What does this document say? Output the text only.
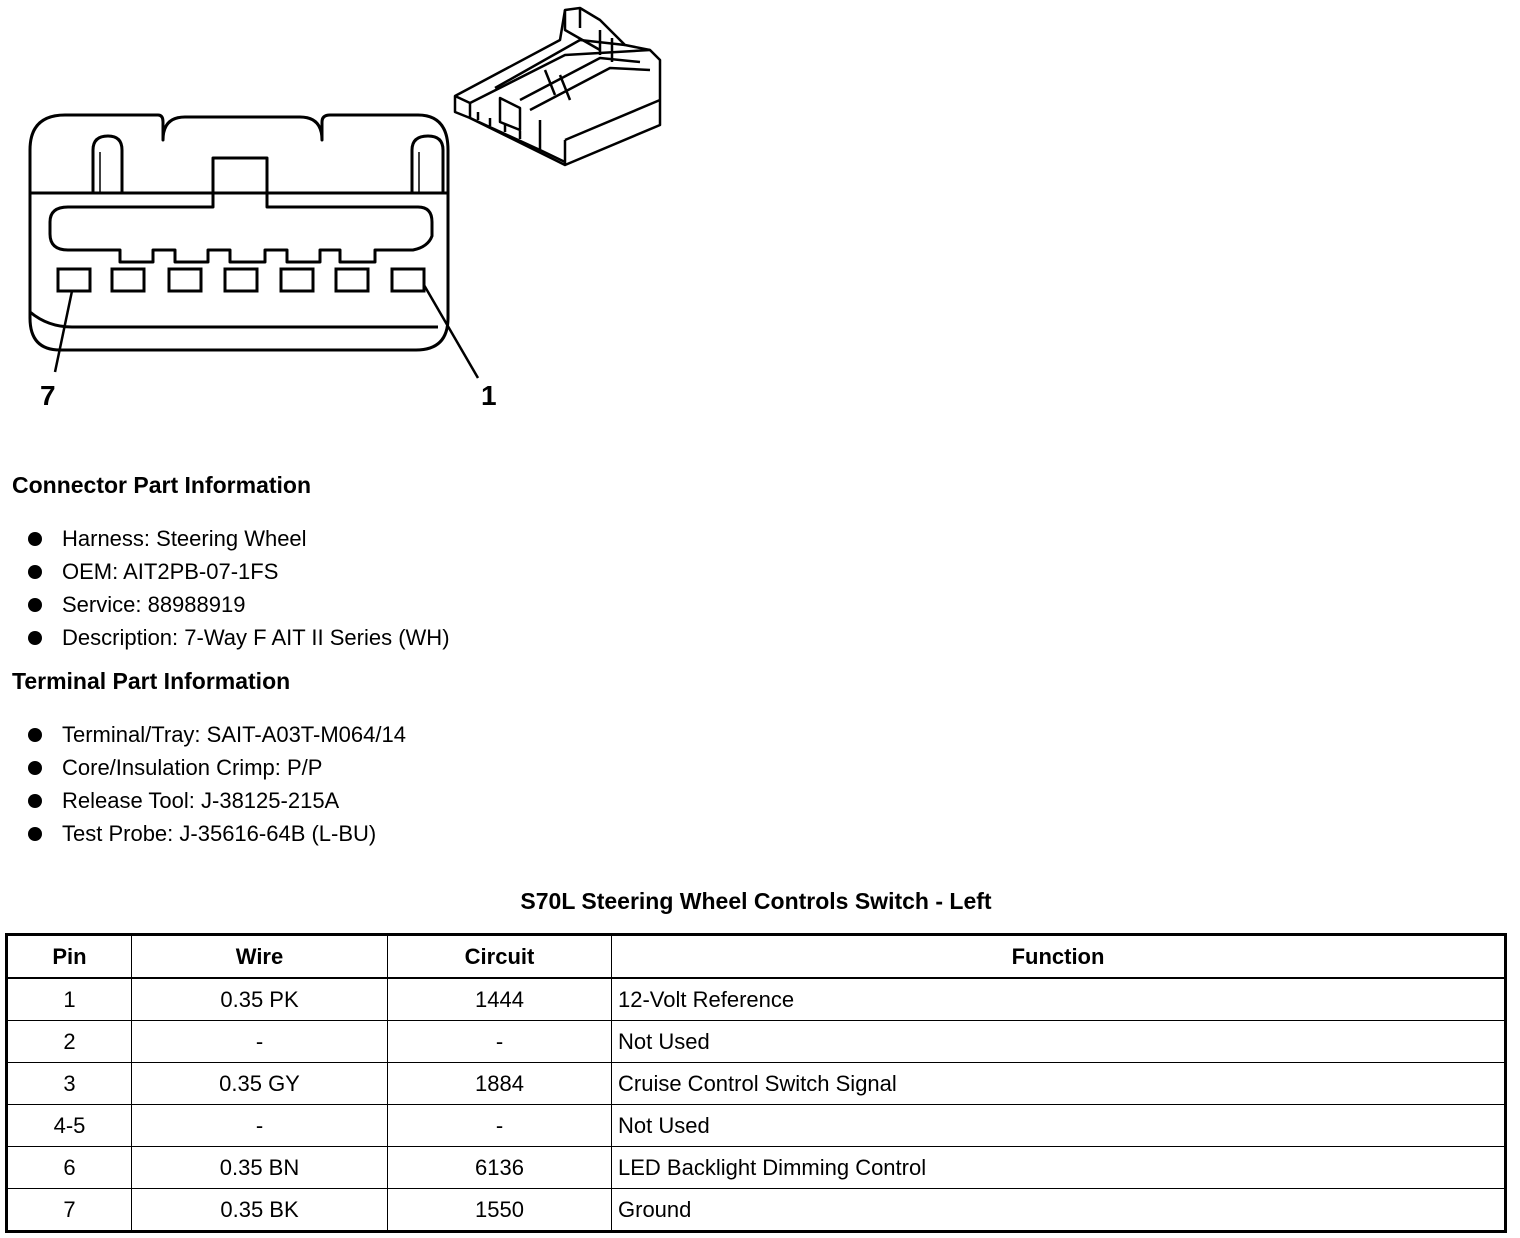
7	1
Connector Part Information
Harness: Steering Wheel
OEM: AIT2PB-07-1FS
Service: 88988919
Description: 7-Way F AIT II Series (WH)
Terminal Part Information
Terminal/Tray: SAIT-A03T-M064/14
Core/Insulation Crimp: P/P
Release Tool: J-38125-215A
Test Probe: J-35616-64B (L-BU)
S70L Steering Wheel Controls Switch - Left
Pin	Wire	Circuit	Function
1	0.35 PK	1444	12-Volt Reference
2	-	-	Not Used
3	0.35 GY	1884	Cruise Control Switch Signal
4-5	-	-	Not Used
6	0.35 BN	6136	LED Backlight Dimming Control
7	0.35 BK	1550	Ground
